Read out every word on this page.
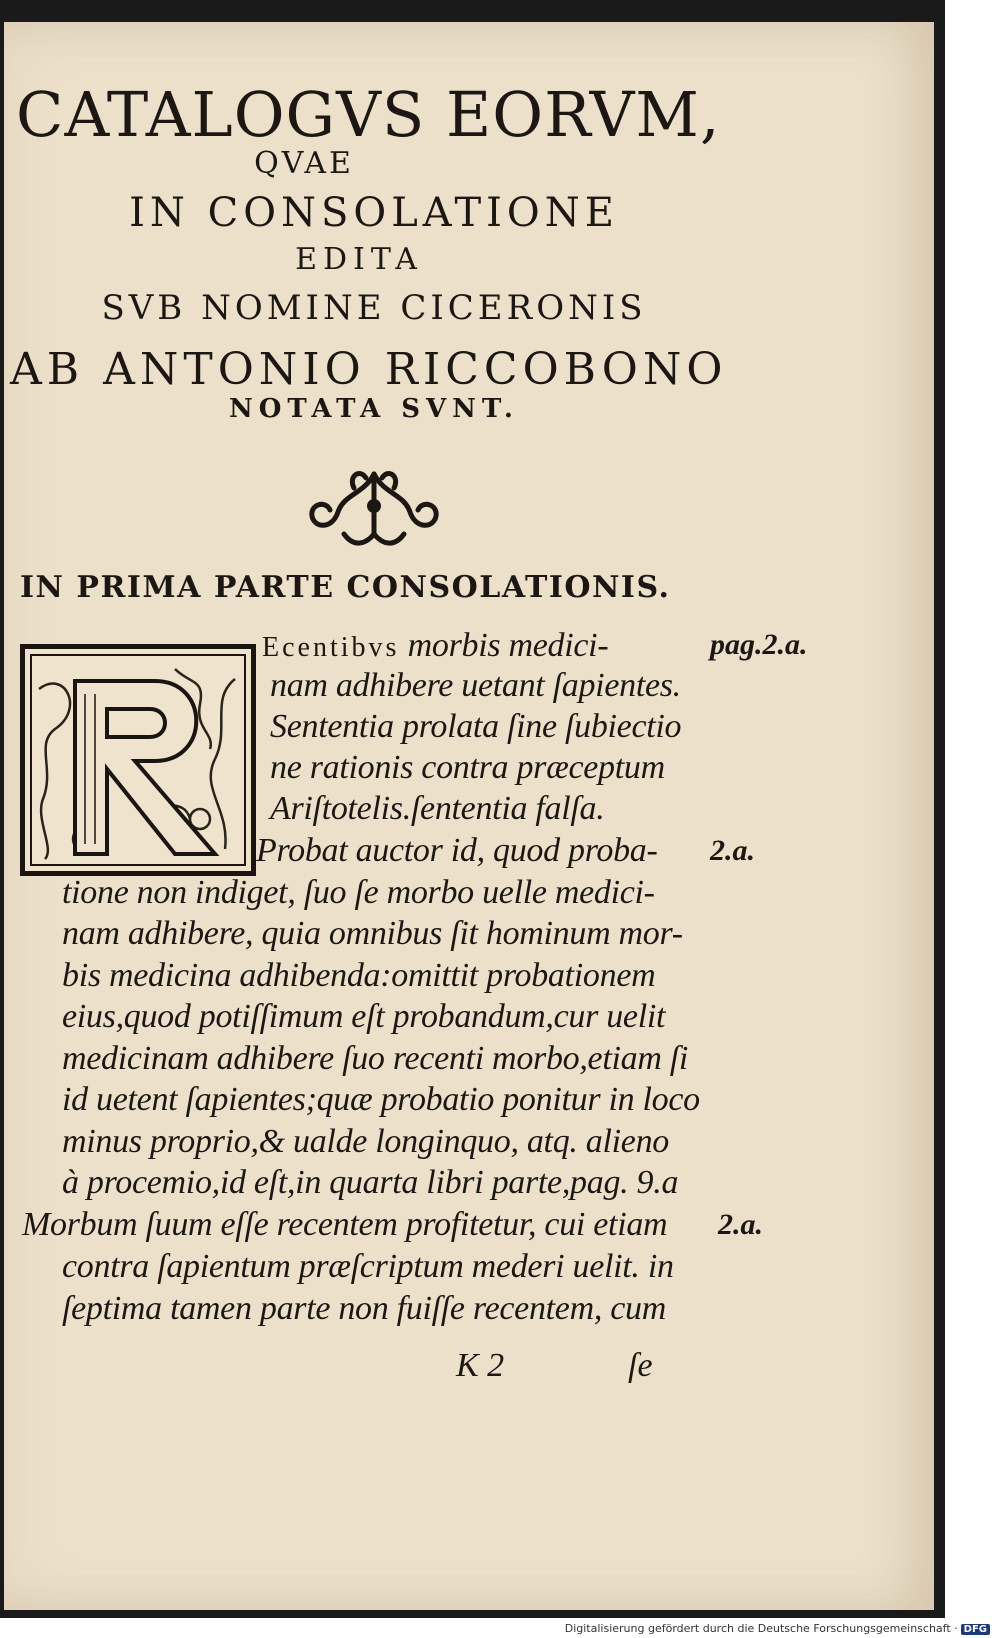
CATALOGVS EORVM,
QVAE
IN CONSOLATIONE
EDITA
SVB NOMINE CICERONIS
AB ANTONIO RICCOBONO
NOTATA SVNT.
IN PRIMA PARTE CONSOLATIONIS.
Ecentibvs morbis medici-
nam adhibere uetant ſapientes.
Sententia prolata ſine ſubiectio
ne rationis contra præceptum
Ariſtotelis.ſententia falſa.
Probat auctor id, quod proba-
tione non indiget, ſuo ſe morbo uelle medici-
nam adhibere, quia omnibus ſit hominum mor-
bis medicina adhibenda:omittit probationem
eius,quod potiſſimum eſt probandum,cur uelit
medicinam adhibere ſuo recenti morbo,etiam ſi
id uetent ſapientes;quæ probatio ponitur in loco
minus proprio,& ualde longinquo, atq. alieno
à procemio,id eſt,in quarta libri parte,pag. 9.a
Morbum ſuum eſſe recentem profitetur, cui etiam
contra ſapientum præſcriptum mederi uelit. in
ſeptima tamen parte non fuiſſe recentem, cum
pag.2.a.
2.a.
2.a.
K 2	ſe
Digitalisierung gefördert durch die Deutsche Forschungsgemeinschaft · DFG
